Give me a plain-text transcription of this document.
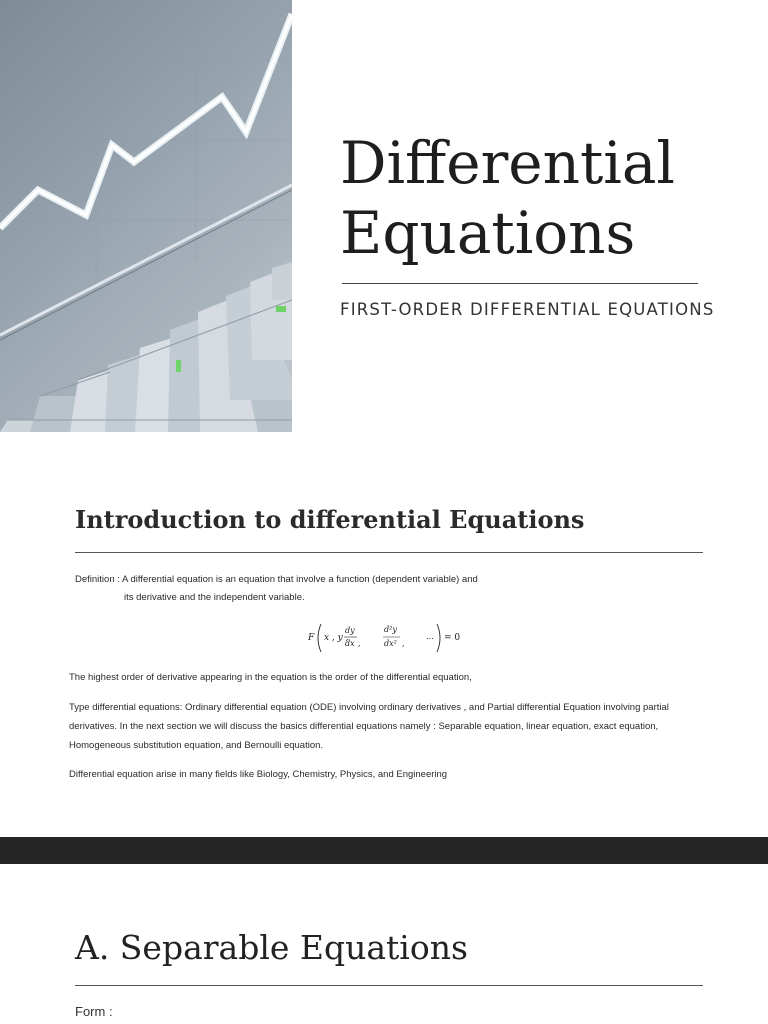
Differential
Equations
FIRST-ORDER DIFFERENTIAL EQUATIONS
Introduction to differential Equations
Definition : A differential equation is an equation that involve a function (dependent variable) and
its derivative and the independent variable.
F x , y ,
dy
dx ,
d²y
dx² ,
… = 0
The highest order of derivative appearing in the equation is the order of the differential equation,
Type differential equations: Ordinary differential equation (ODE) involving ordinary derivatives , and Partial differential Equation involving partial
derivatives. In the next section we will discuss the basics differential equations namely : Separable equation, linear equation, exact equation,
Homogeneous substitution equation, and Bernoulli equation.
Differential equation arise in many fields like Biology, Chemistry, Physics, and Engineering
A. Separable Equations
Form :
